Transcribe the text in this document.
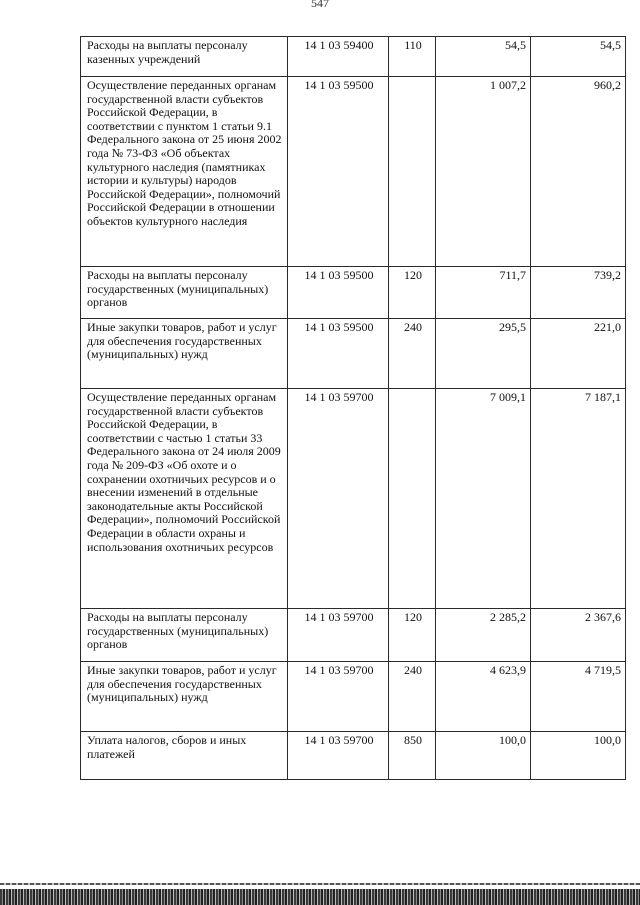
547
Расходы на выплаты персоналу казенных учреждений	14 1 03 59400	110	54,5	54,5
Осуществление переданных органам государственной власти субъектов Российской Федерации, в соответствии с пунктом 1 статьи 9.1 Федерального закона от 25 июня 2002 года № 73-ФЗ «Об объектах культурного наследия (памятниках истории и культуры) народов Российской Федерации», полномочий Российской Федерации в отношении объектов культурного наследия	14 1 03 59500		1 007,2	960,2
Расходы на выплаты персоналу государственных (муниципальных) органов	14 1 03 59500	120	711,7	739,2
Иные закупки товаров, работ и услуг для обеспечения государственных (муниципальных) нужд	14 1 03 59500	240	295,5	221,0
Осуществление переданных органам государственной власти субъектов Российской Федерации, в соответствии с частью 1 статьи 33 Федерального закона от 24 июля 2009 года № 209-ФЗ «Об охоте и о сохранении охотничьих ресурсов и о внесении изменений в отдельные законодательные акты Российской Федерации», полномочий Российской Федерации в области охраны и использования охотничьих ресурсов	14 1 03 59700		7 009,1	7 187,1
Расходы на выплаты персоналу государственных (муниципальных) органов	14 1 03 59700	120	2 285,2	2 367,6
Иные закупки товаров, работ и услуг для обеспечения государственных (муниципальных) нужд	14 1 03 59700	240	4 623,9	4 719,5
Уплата налогов, сборов и иных платежей	14 1 03 59700	850	100,0	100,0
